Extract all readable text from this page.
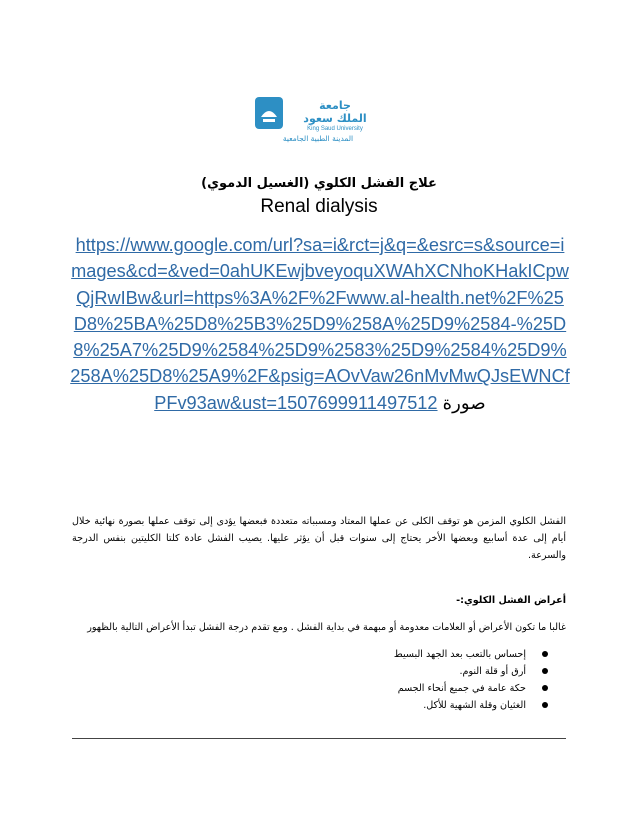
جامعة
الملك سعود
King Saud University
المدينة الطبية الجامعية
علاج الفشل الكلوي (الغسيل الدموي)
Renal dialysis
https://www.google.com/url?sa=i&rct=j&q=&esrc=s&source=images&cd=&ved=0ahUKEwjbveyoquXWAhXCNhoKHakICpwQjRwIBw&url=https%3A%2F%2Fwww.al-health.net%2F%25D8%25BA%25D8%25B3%25D9%258A%25D9%2584-%25D8%25A7%25D9%2584%25D9%2583%25D9%2584%25D9%258A%25D8%25A9%2F&psig=AOvVaw26nMvMwQJsEWNCfPFv93aw&ust=1507699911497512 صورة
الفشل الكلوي المزمن هو توقف الكلى عن عملها المعتاد ومسبباته متعددة فبعضها يؤدى إلى توقف عملها بصورة نهائية خلال أيام إلى عدة أسابيع وبعضها الأخر يحتاج إلى سنوات قبل أن يؤثر عليها. يصيب الفشل عادة كلتا الكليتين بنفس الدرجة والسرعة.
أعراض الفشل الكلوي:-
غالبا ما تكون الأعراض أو العلامات معدومة أو مبهمة في بداية الفشل . ومع تقدم درجة الفشل تبدأ الأعراض التالية بالظهور
إحساس بالتعب بعد الجهد البسيط
أرق أو قلة النوم.
حكة عامة في جميع أنحاء الجسم
الغثيان وقلة الشهية للأكل.
